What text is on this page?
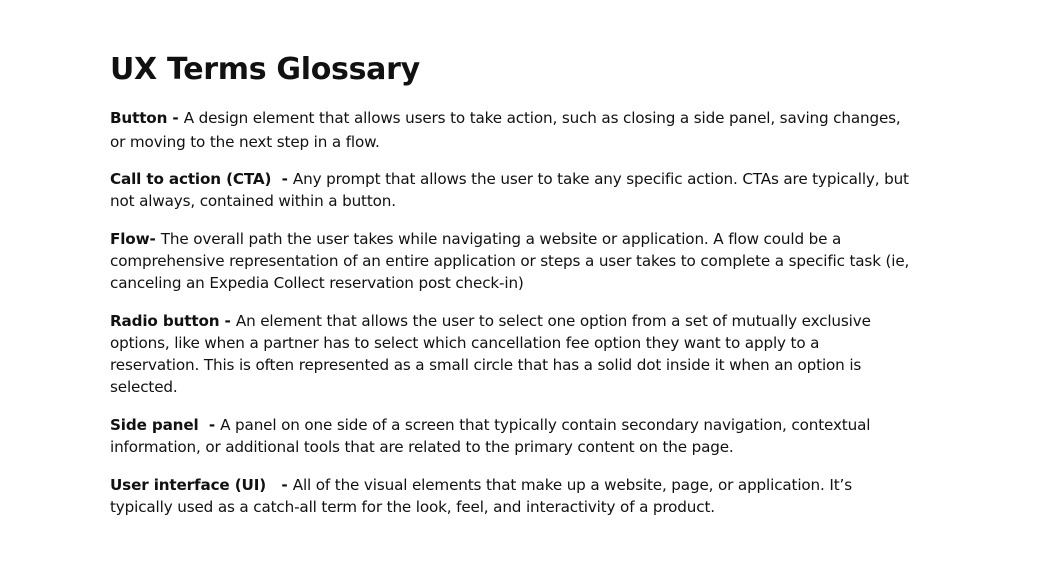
UX Terms Glossary

Button - A design element that allows users to take action, such as closing a side panel, saving changes, or moving to the next step in a flow.

Call to action (CTA)  - Any prompt that allows the user to take any specific action. CTAs are typically, but not always, contained within a button.

Flow- The overall path the user takes while navigating a website or application. A flow could be a comprehensive representation of an entire application or steps a user takes to complete a specific task (ie, canceling an Expedia Collect reservation post check-in)

Radio button - An element that allows the user to select one option from a set of mutually exclusive options, like when a partner has to select which cancellation fee option they want to apply to a reservation. This is often represented as a small circle that has a solid dot inside it when an option is selected.

Side panel  - A panel on one side of a screen that typically contain secondary navigation, contextual information, or additional tools that are related to the primary content on the page.

User interface (UI)   - All of the visual elements that make up a website, page, or application. It’s typically used as a catch-all term for the look, feel, and interactivity of a product.
